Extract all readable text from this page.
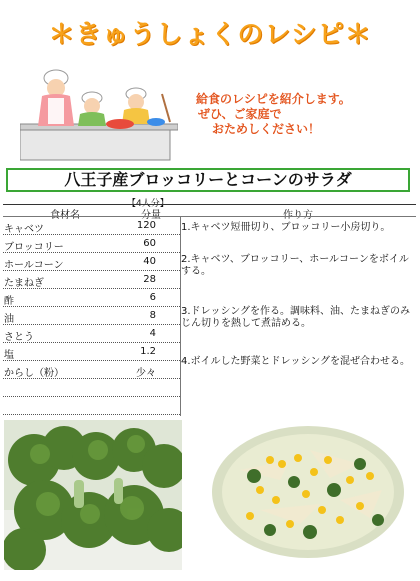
＊きゅうしょくのレシピ＊
給食のレシピを紹介します。
ぜひ、ご家庭で
おためしください！
八王子産ブロッコリーとコーンのサラダ
【4人分】
食材名	分量	作り方
キャベツ	120
ブロッコリー	60
ホールコーン	40
たまねぎ	28
酢	6
油	8
さとう	4
塩	1.2
からし（粉）	少々
1.キャベツ短冊切り、ブロッコリー小房切り。
2.キャベツ、ブロッコリー、ホールコーンをボイルする。
3.ドレッシングを作る。調味料、油、たまねぎのみじん切りを熱して煮詰める。
4.ボイルした野菜とドレッシングを混ぜ合わせる。
